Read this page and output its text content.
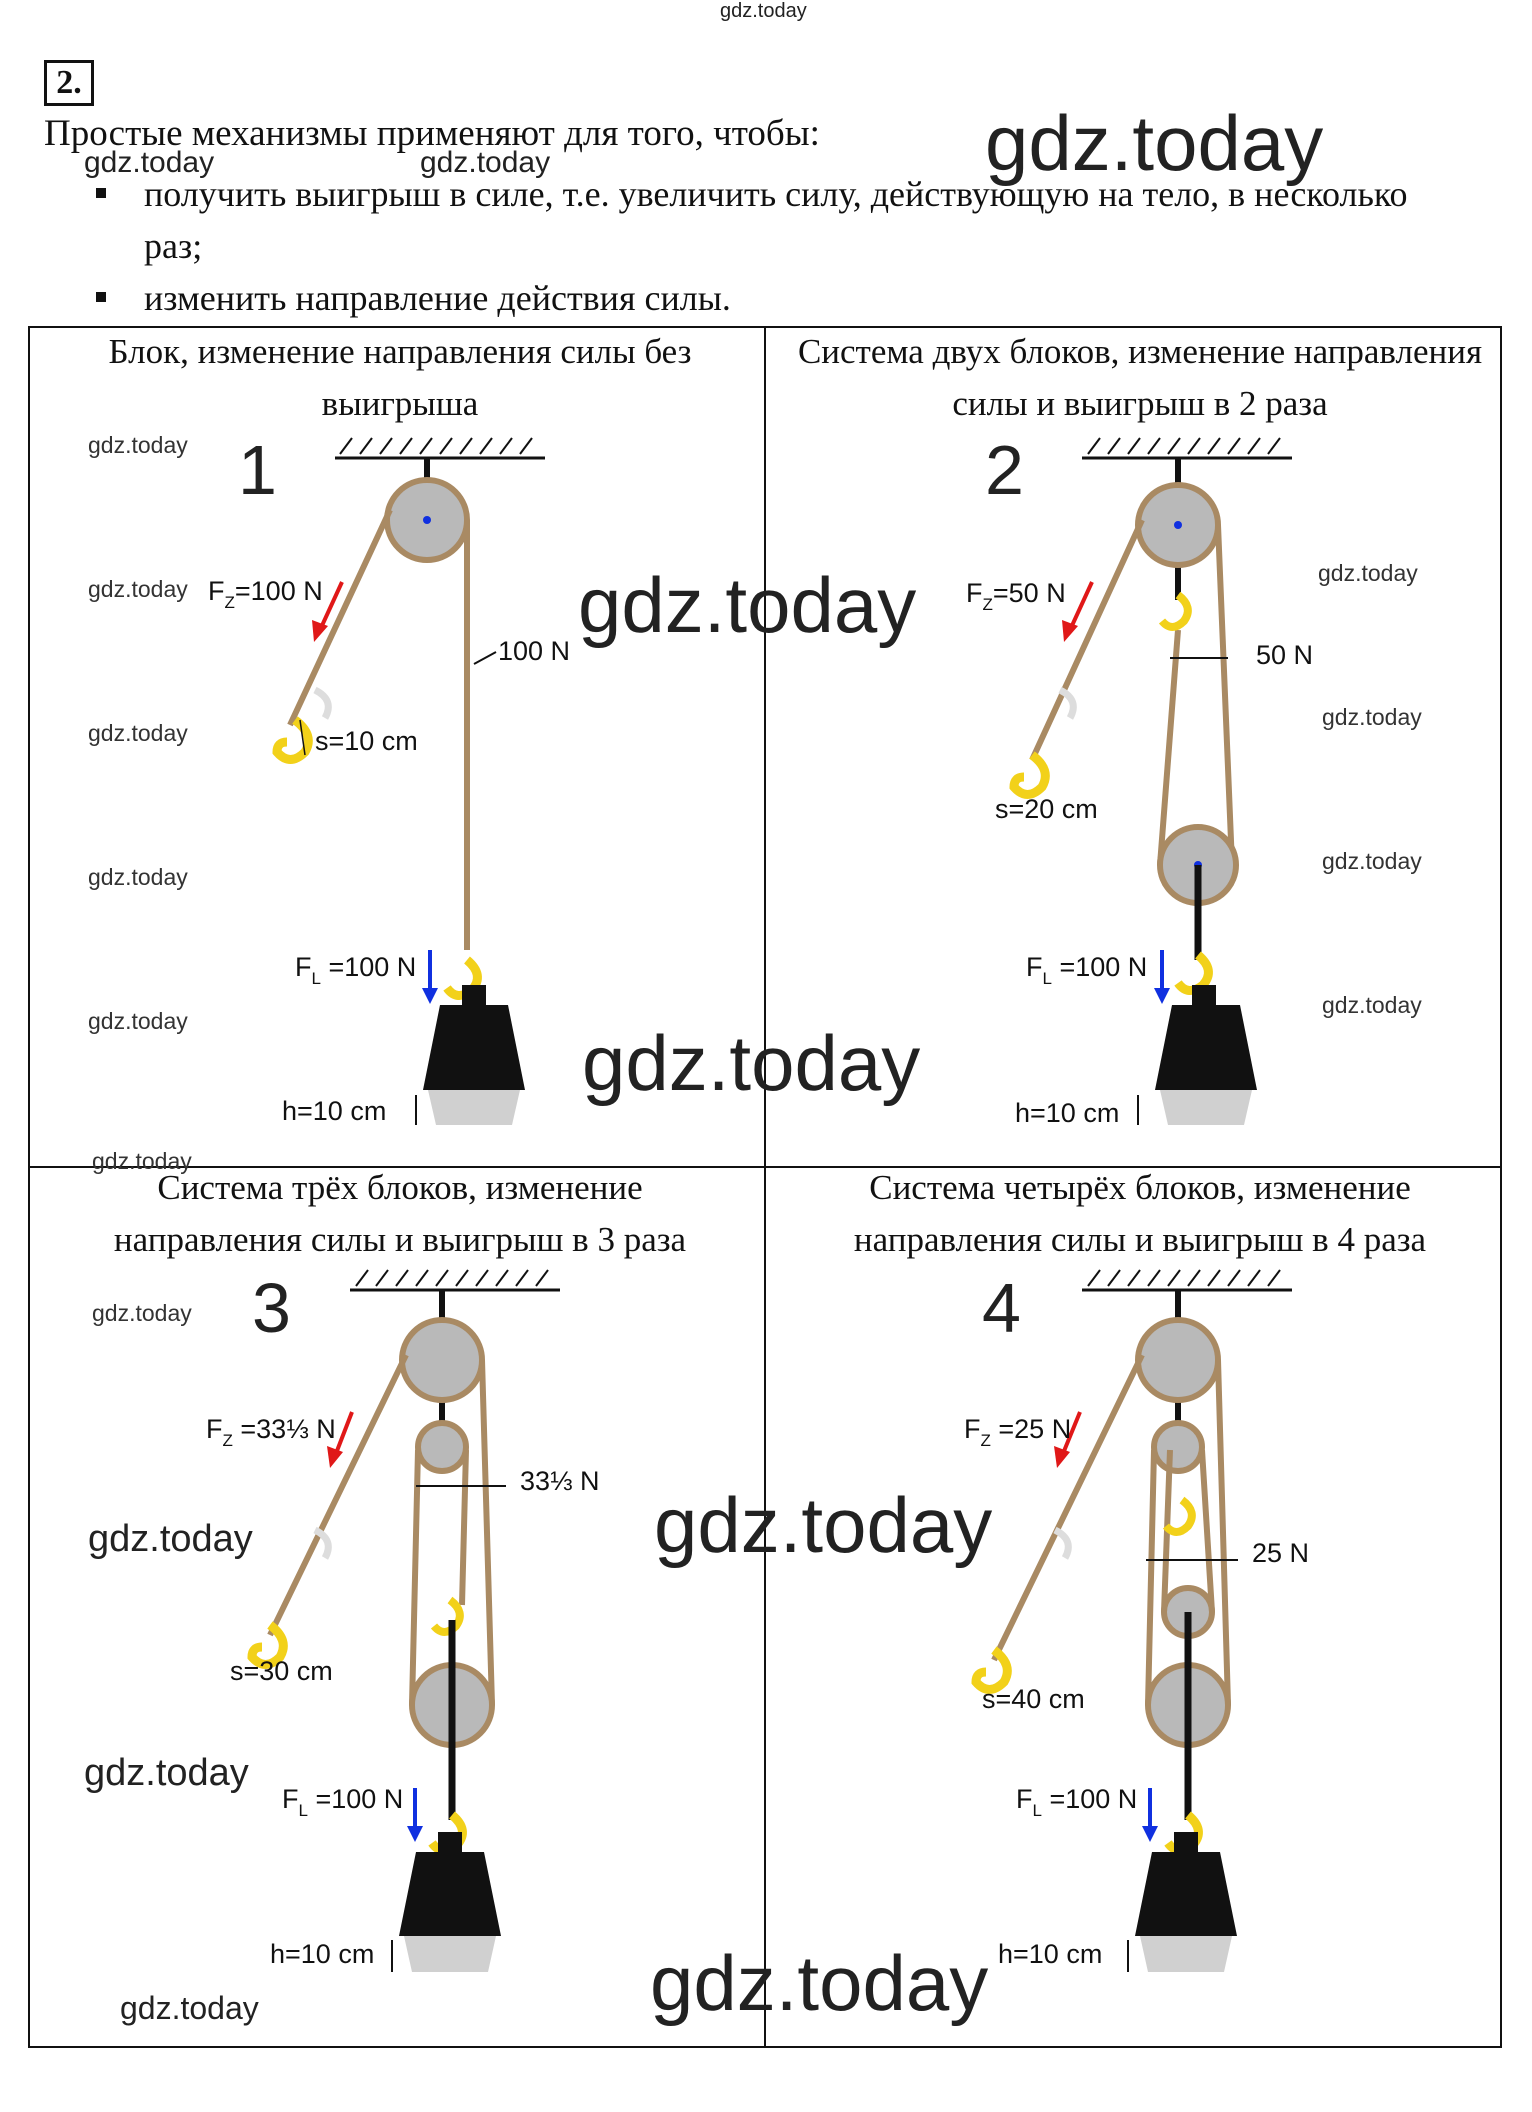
gdz.today
2.
Простые механизмы применяют для того, чтобы: gdz.today
gdz.today	gdz.today
получить выигрыш в силе, т.е. увеличить силу, действующую на тело, в несколько раз;
изменить направление действия силы.
Блок, изменение направления силы без выигрыша
Система двух блоков, изменение направления силы и выигрыш в 2 раза
Система трёх блоков, изменение направления силы и выигрыш в 3 раза
Система четырёх блоков, изменение направления силы и выигрыш в 4 раза
$F_Z=100$ N
100 N
s=10 cm
$F_L =100$ N
h=10 cm
1
$F_Z=50$ N
50 N
s=20 cm
$F_L =100$ N
h=10 cm
2
$F_Z$ =33⅓ N
33⅓ N
s=30 cm
$F_L =100$ N
h=10 cm
3
$F_Z =25$ N
25 N
s=40 cm
$F_L =100$ N
h=10 cm
4
gdz.today
gdz.today
gdz.today
gdz.today
gdz.today
gdz.today
gdz.today
gdz.today
gdz.today
gdz.today
gdz.today
gdz.today
gdz.today
gdz.today
gdz.today
gdz.today
gdz.today
gdz.today
